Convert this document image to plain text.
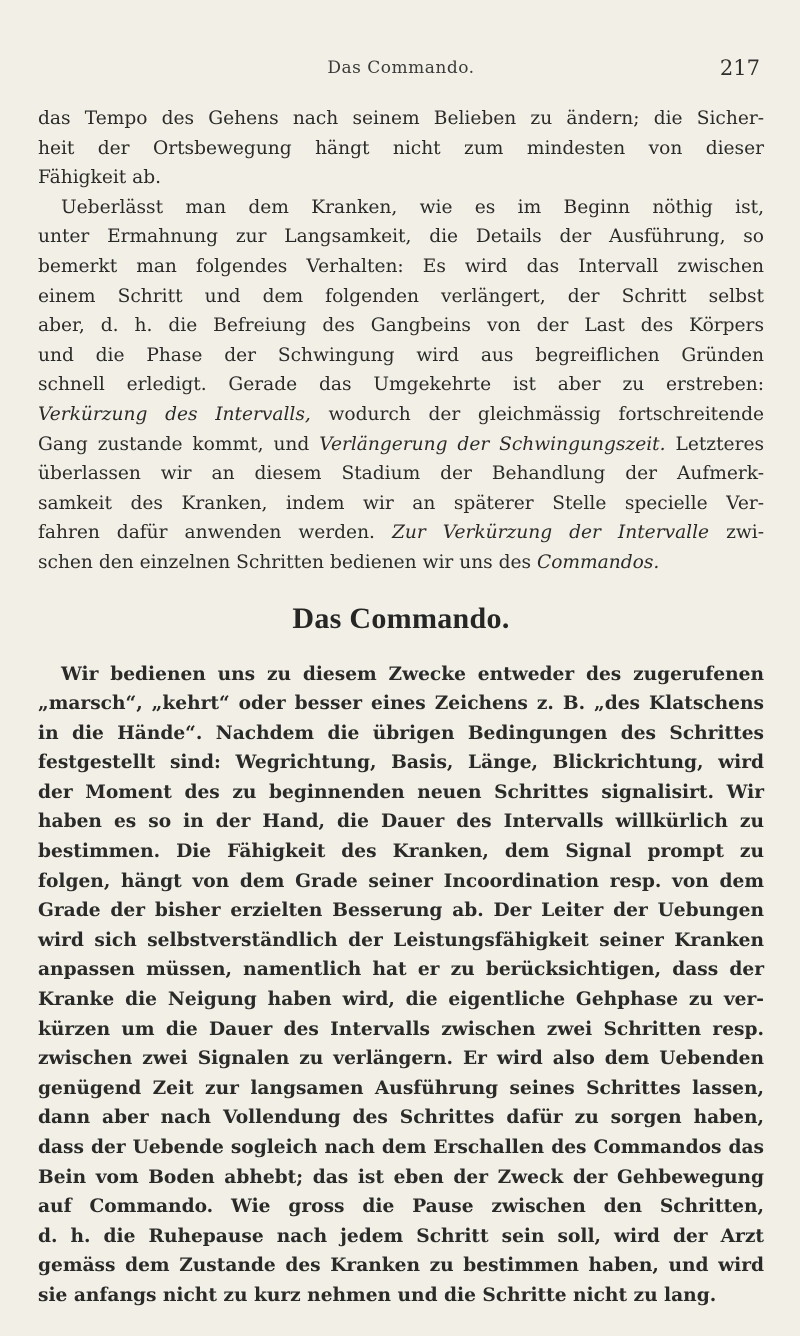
Das Commando.	217

das Tempo des Gehens nach seinem Belieben zu ändern; die Sicher-
heit der Ortsbewegung hängt nicht zum mindesten von dieser
Fähigkeit ab.

Ueberlässt man dem Kranken, wie es im Beginn nöthig ist,
unter Ermahnung zur Langsamkeit, die Details der Ausführung, so
bemerkt man folgendes Verhalten: Es wird das Intervall zwischen
einem Schritt und dem folgenden verlängert, der Schritt selbst
aber, d. h. die Befreiung des Gangbeins von der Last des Körpers
und die Phase der Schwingung wird aus begreiflichen Gründen
schnell erledigt. Gerade das Umgekehrte ist aber zu erstreben:
Verkürzung des Intervalls, wodurch der gleichmässig fortschreitende
Gang zustande kommt, und Verlängerung der Schwingungszeit. Letzteres
überlassen wir an diesem Stadium der Behandlung der Aufmerk-
samkeit des Kranken, indem wir an späterer Stelle specielle Ver-
fahren dafür anwenden werden. Zur Verkürzung der Intervalle zwi-
schen den einzelnen Schritten bedienen wir uns des Commandos.

Das Commando.

Wir bedienen uns zu diesem Zwecke entweder des zugerufenen
„marsch“, „kehrt“ oder besser eines Zeichens z. B. „des Klatschens
in die Hände“. Nachdem die übrigen Bedingungen des Schrittes
festgestellt sind: Wegrichtung, Basis, Länge, Blickrichtung, wird
der Moment des zu beginnenden neuen Schrittes signalisirt. Wir
haben es so in der Hand, die Dauer des Intervalls willkürlich zu
bestimmen. Die Fähigkeit des Kranken, dem Signal prompt zu
folgen, hängt von dem Grade seiner Incoordination resp. von dem
Grade der bisher erzielten Besserung ab. Der Leiter der Uebungen
wird sich selbstverständlich der Leistungsfähigkeit seiner Kranken
anpassen müssen, namentlich hat er zu berücksichtigen, dass der
Kranke die Neigung haben wird, die eigentliche Gehphase zu ver-
kürzen um die Dauer des Intervalls zwischen zwei Schritten resp.
zwischen zwei Signalen zu verlängern. Er wird also dem Uebenden
genügend Zeit zur langsamen Ausführung seines Schrittes lassen,
dann aber nach Vollendung des Schrittes dafür zu sorgen haben,
dass der Uebende sogleich nach dem Erschallen des Commandos das
Bein vom Boden abhebt; das ist eben der Zweck der Gehbewegung
auf Commando. Wie gross die Pause zwischen den Schritten,
d. h. die Ruhepause nach jedem Schritt sein soll, wird der Arzt
gemäss dem Zustande des Kranken zu bestimmen haben, und wird
sie anfangs nicht zu kurz nehmen und die Schritte nicht zu lang.
